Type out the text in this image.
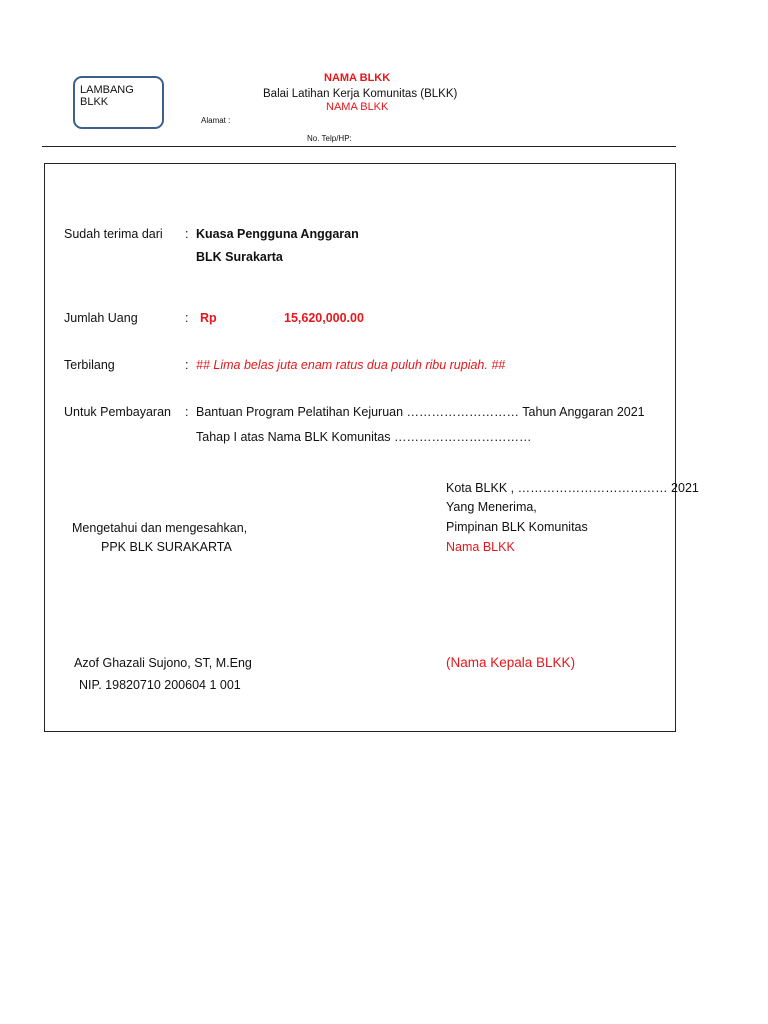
LAMBANG BLKK
NAMA BLKK
Balai Latihan Kerja Komunitas (BLKK)
NAMA BLKK
Alamat :
No. Telp/HP:
Sudah terima dari : Kuasa Pengguna Anggaran
BLK Surakarta
Jumlah Uang	: Rp	15,620,000.00
Terbilang	: ## Lima belas juta enam ratus dua puluh ribu rupiah. ##
Untuk Pembayaran : Bantuan Program Pelatihan Kejuruan ……………………… Tahun Anggaran 2021
Tahap I atas Nama BLK Komunitas ……………………………
Kota BLKK , ……………………………… 2021
Yang Menerima,
Pimpinan BLK Komunitas
Nama BLKK
Mengetahui dan mengesahkan,
PPK BLK SURAKARTA
Azof Ghazali Sujono, ST, M.Eng
NIP. 19820710 200604 1 001
(Nama Kepala BLKK)
